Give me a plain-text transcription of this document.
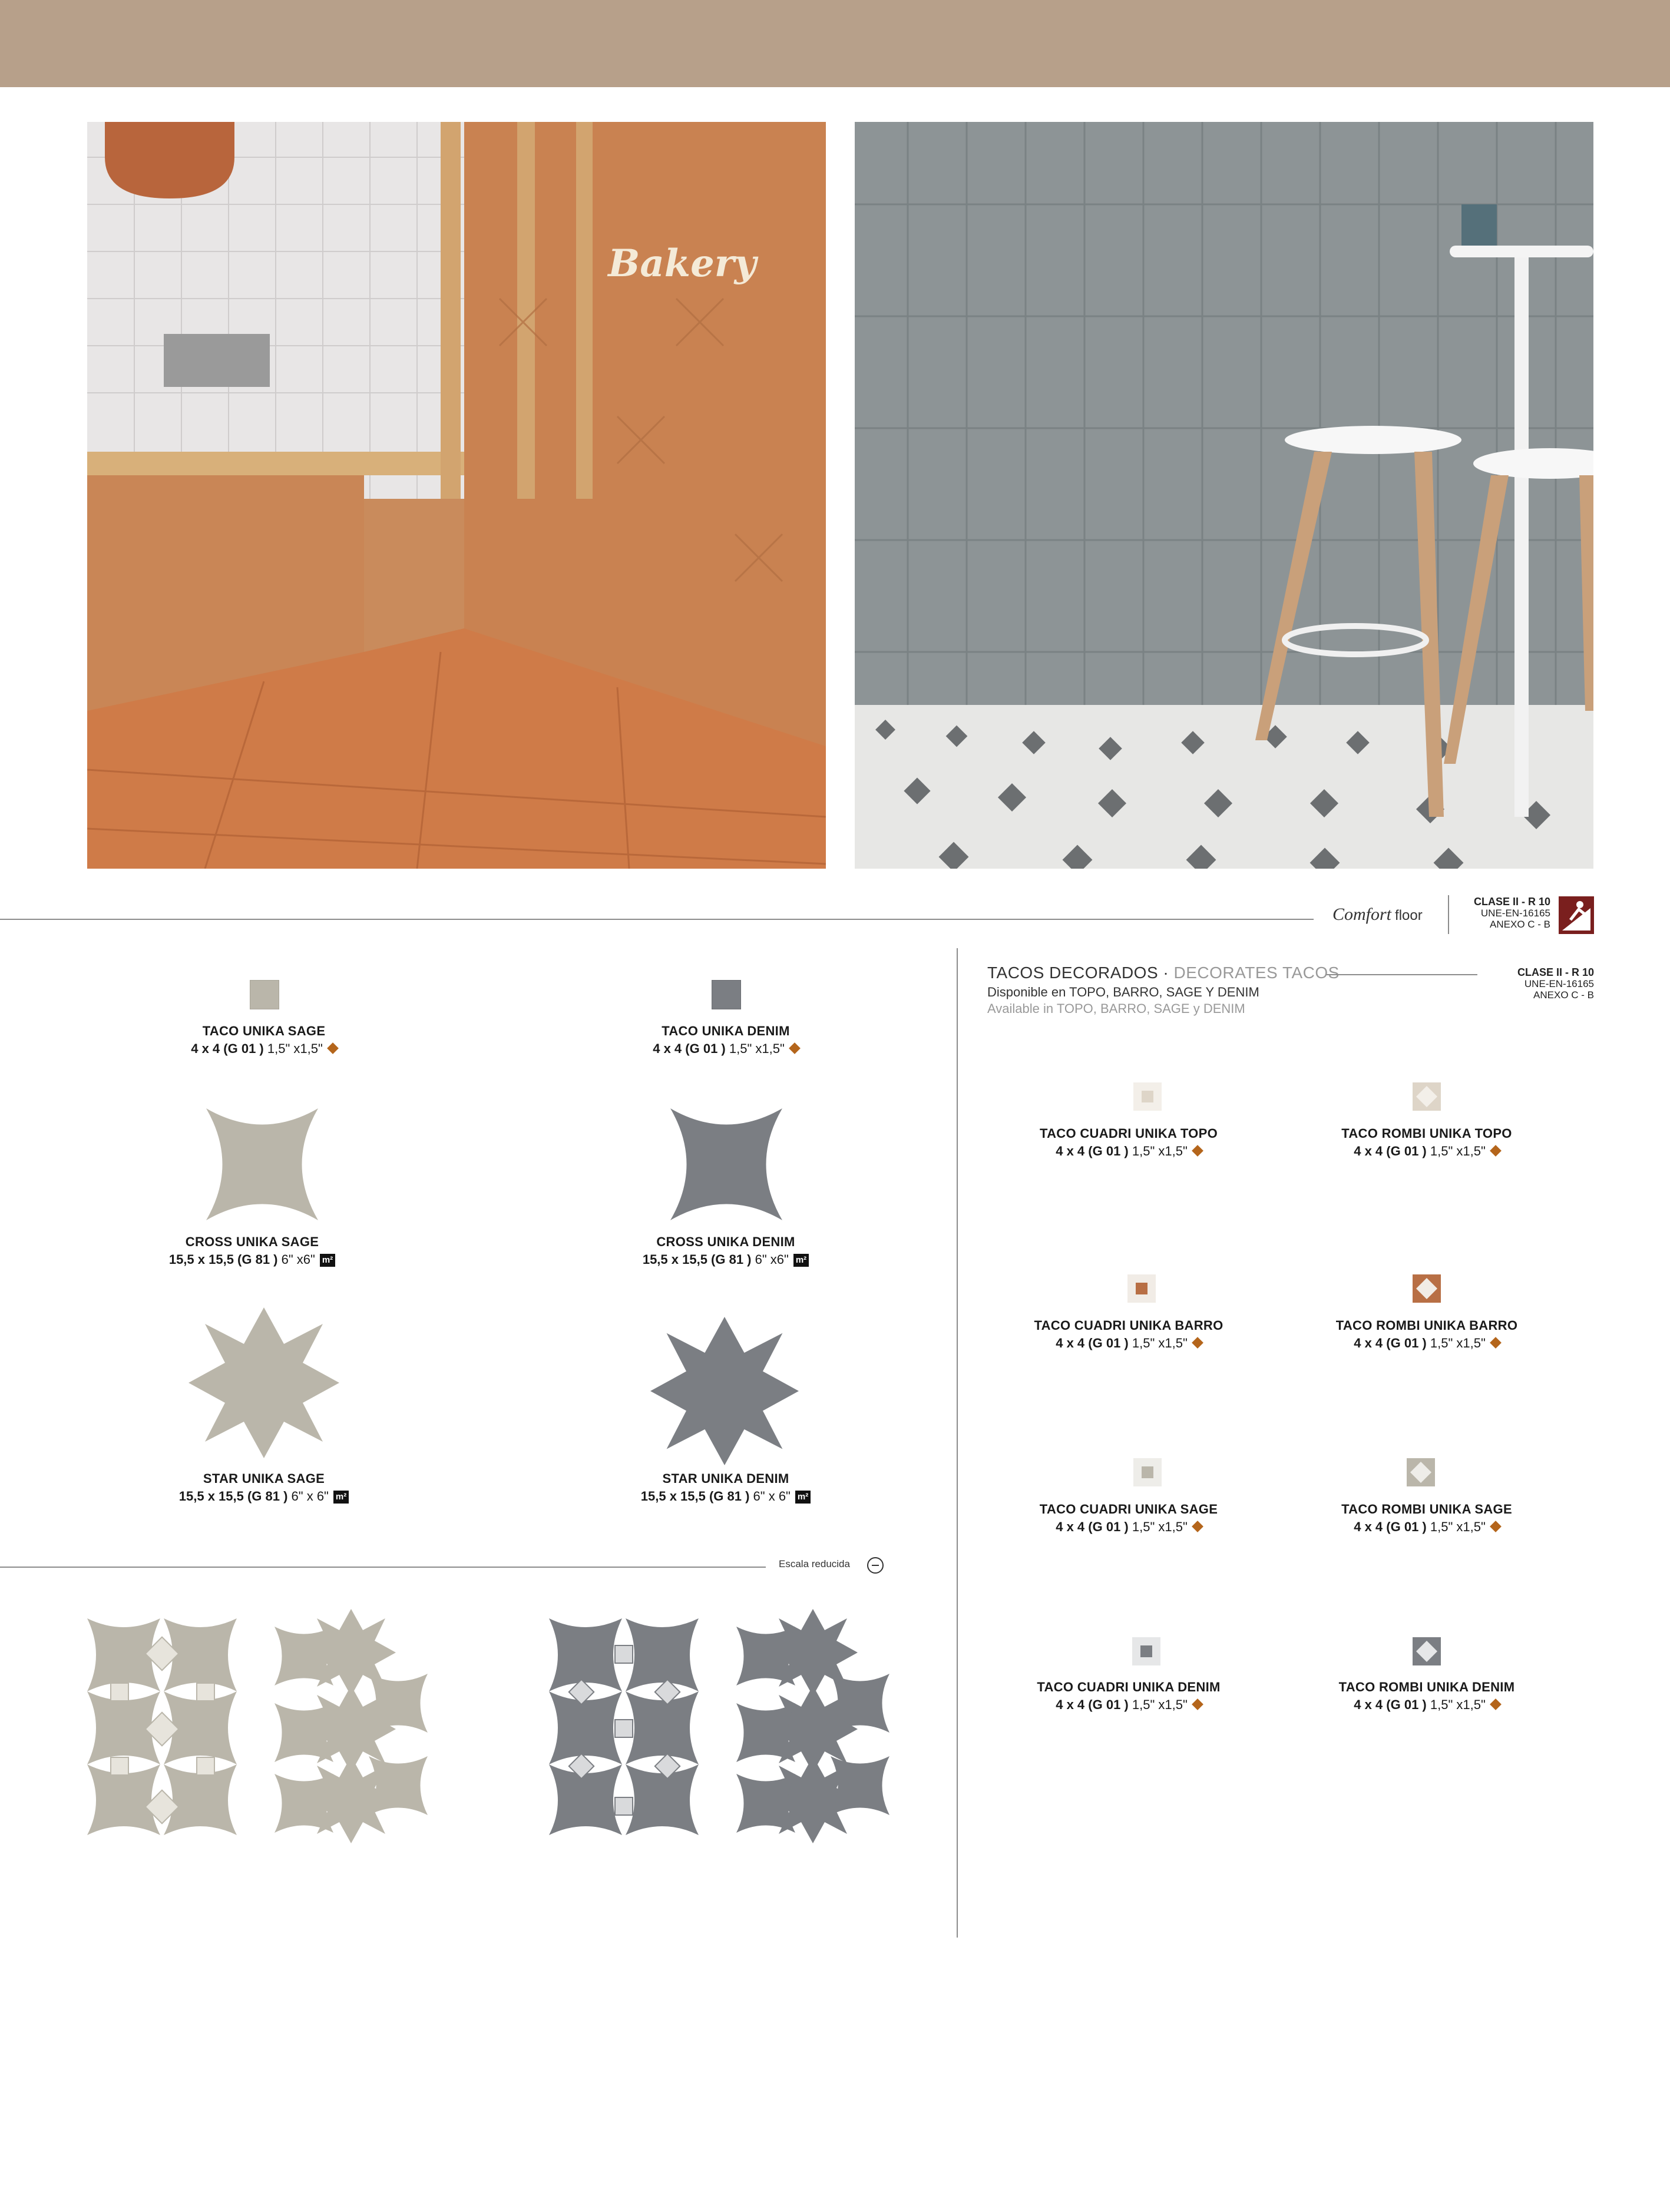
Bakery
Comfort floor
CLASE II - R 10
UNE-EN-16165
ANEXO C - B
TACO UNIKA SAGE
4 x 4 (G 01 ) 1,5" x1,5"
TACO UNIKA DENIM
4 x 4 (G 01 ) 1,5" x1,5"
CROSS UNIKA SAGE
15,5 x 15,5 (G 81 ) 6" x6" m²
CROSS UNIKA DENIM
15,5 x 15,5 (G 81 ) 6" x6" m²
STAR UNIKA SAGE
15,5 x 15,5 (G 81 ) 6" x 6" m²
STAR UNIKA DENIM
15,5 x 15,5 (G 81 ) 6" x 6" m²
Escala reducida
TACOS DECORADOS · DECORATES TACOS
Disponible en TOPO, BARRO, SAGE Y DENIM
Available in TOPO, BARRO, SAGE y DENIM
CLASE II - R 10
UNE-EN-16165
ANEXO C - B
TACO CUADRI UNIKA TOPO
4 x 4 (G 01 ) 1,5" x1,5"
TACO ROMBI UNIKA TOPO
4 x 4 (G 01 ) 1,5" x1,5"
TACO CUADRI UNIKA BARRO
4 x 4 (G 01 ) 1,5" x1,5"
TACO ROMBI UNIKA BARRO
4 x 4 (G 01 ) 1,5" x1,5"
TACO CUADRI UNIKA SAGE
4 x 4 (G 01 ) 1,5" x1,5"
TACO ROMBI UNIKA SAGE
4 x 4 (G 01 ) 1,5" x1,5"
TACO CUADRI UNIKA DENIM
4 x 4 (G 01 ) 1,5" x1,5"
TACO ROMBI UNIKA DENIM
4 x 4 (G 01 ) 1,5" x1,5"
